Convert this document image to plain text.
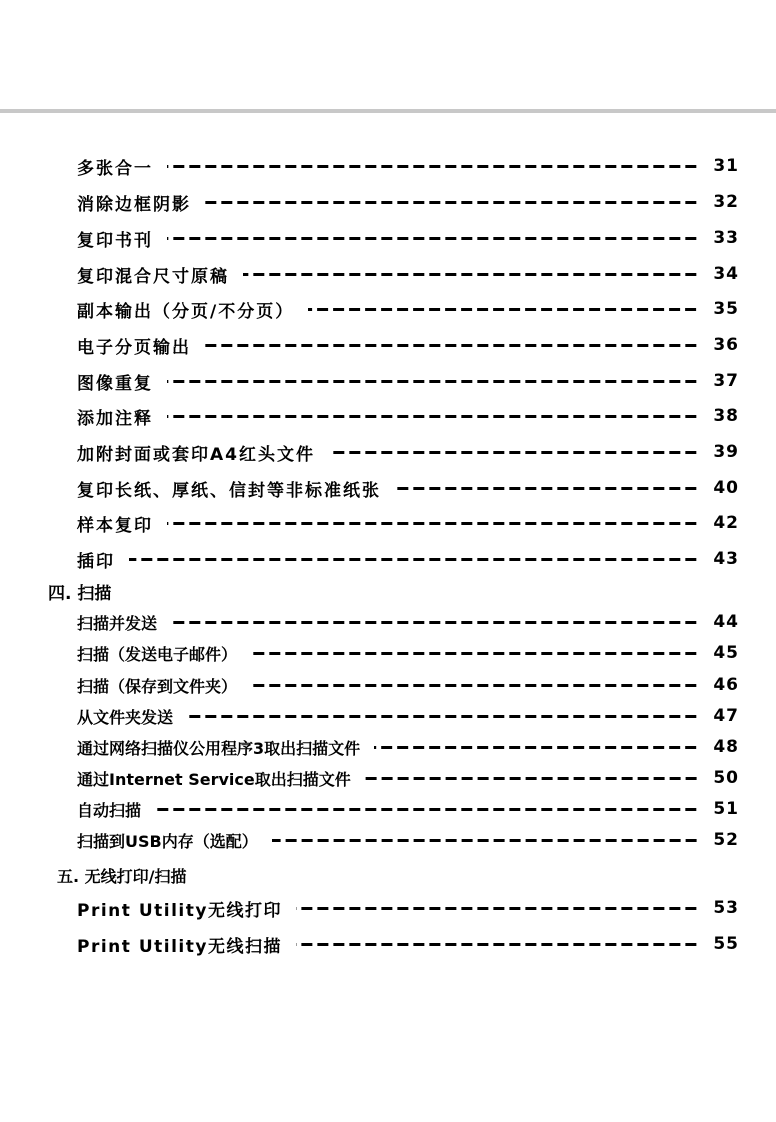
多张合一	31
消除边框阴影	32
复印书刊	33
复印混合尺寸原稿	34
副本输出（分页/不分页）	35
电子分页输出	36
图像重复	37
添加注释	38
加附封面或套印A4红头文件	39
复印长纸、厚纸、信封等非标准纸张	40
样本复印	42
插印	43
四. 扫描
扫描并发送	44
扫描（发送电子邮件）	45
扫描（保存到文件夹）	46
从文件夹发送	47
通过网络扫描仪公用程序3取出扫描文件	48
通过Internet Service取出扫描文件	50
自动扫描	51
扫描到USB内存（选配）	52
五. 无线打印/扫描
Print Utility无线打印	53
Print Utility无线扫描	55
